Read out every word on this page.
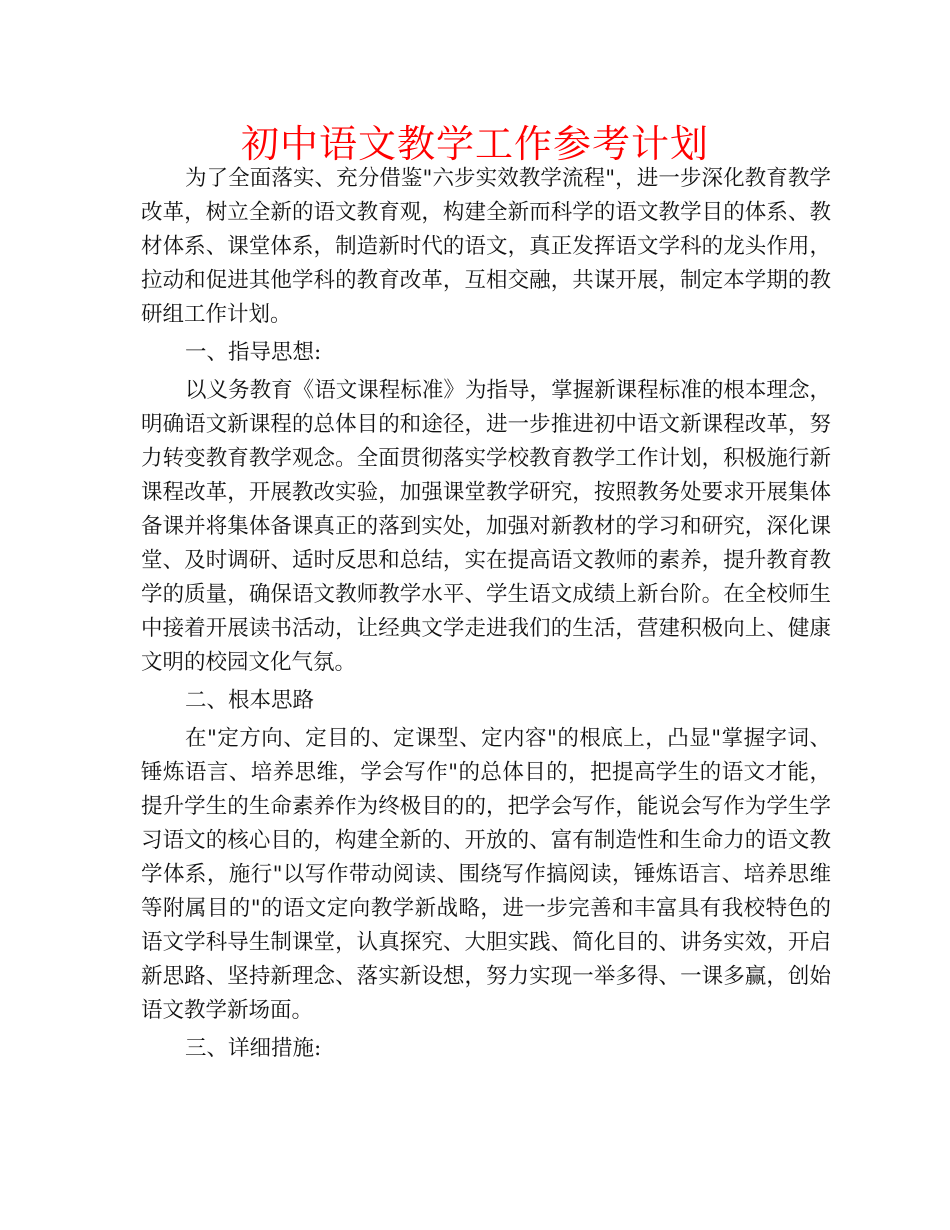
初中语文教学工作参考计划

为了全面落实、充分借鉴"六步实效教学流程"，进一步深化教育教学改革，树立全新的语文教育观，构建全新而科学的语文教学目的体系、教材体系、课堂体系，制造新时代的语文，真正发挥语文学科的龙头作用，拉动和促进其他学科的教育改革，互相交融，共谋开展，制定本学期的教研组工作计划。

一、指导思想:

以义务教育《语文课程标准》为指导，掌握新课程标准的根本理念，明确语文新课程的总体目的和途径，进一步推进初中语文新课程改革，努力转变教育教学观念。全面贯彻落实学校教育教学工作计划，积极施行新课程改革，开展教改实验，加强课堂教学研究，按照教务处要求开展集体备课并将集体备课真正的落到实处，加强对新教材的学习和研究，深化课堂、及时调研、适时反思和总结，实在提高语文教师的素养，提升教育教学的质量，确保语文教师教学水平、学生语文成绩上新台阶。在全校师生中接着开展读书活动，让经典文学走进我们的生活，营建积极向上、健康文明的校园文化气氛。

二、根本思路

在"定方向、定目的、定课型、定内容"的根底上，凸显"掌握字词、锤炼语言、培养思维，学会写作"的总体目的，把提高学生的语文才能，提升学生的生命素养作为终极目的的，把学会写作，能说会写作为学生学习语文的核心目的，构建全新的、开放的、富有制造性和生命力的语文教学体系，施行"以写作带动阅读、围绕写作搞阅读，锤炼语言、培养思维等附属目的"的语文定向教学新战略，进一步完善和丰富具有我校特色的语文学科导生制课堂，认真探究、大胆实践、简化目的、讲务实效，开启新思路、坚持新理念、落实新设想，努力实现一举多得、一课多赢，创始语文教学新场面。

三、详细措施:
